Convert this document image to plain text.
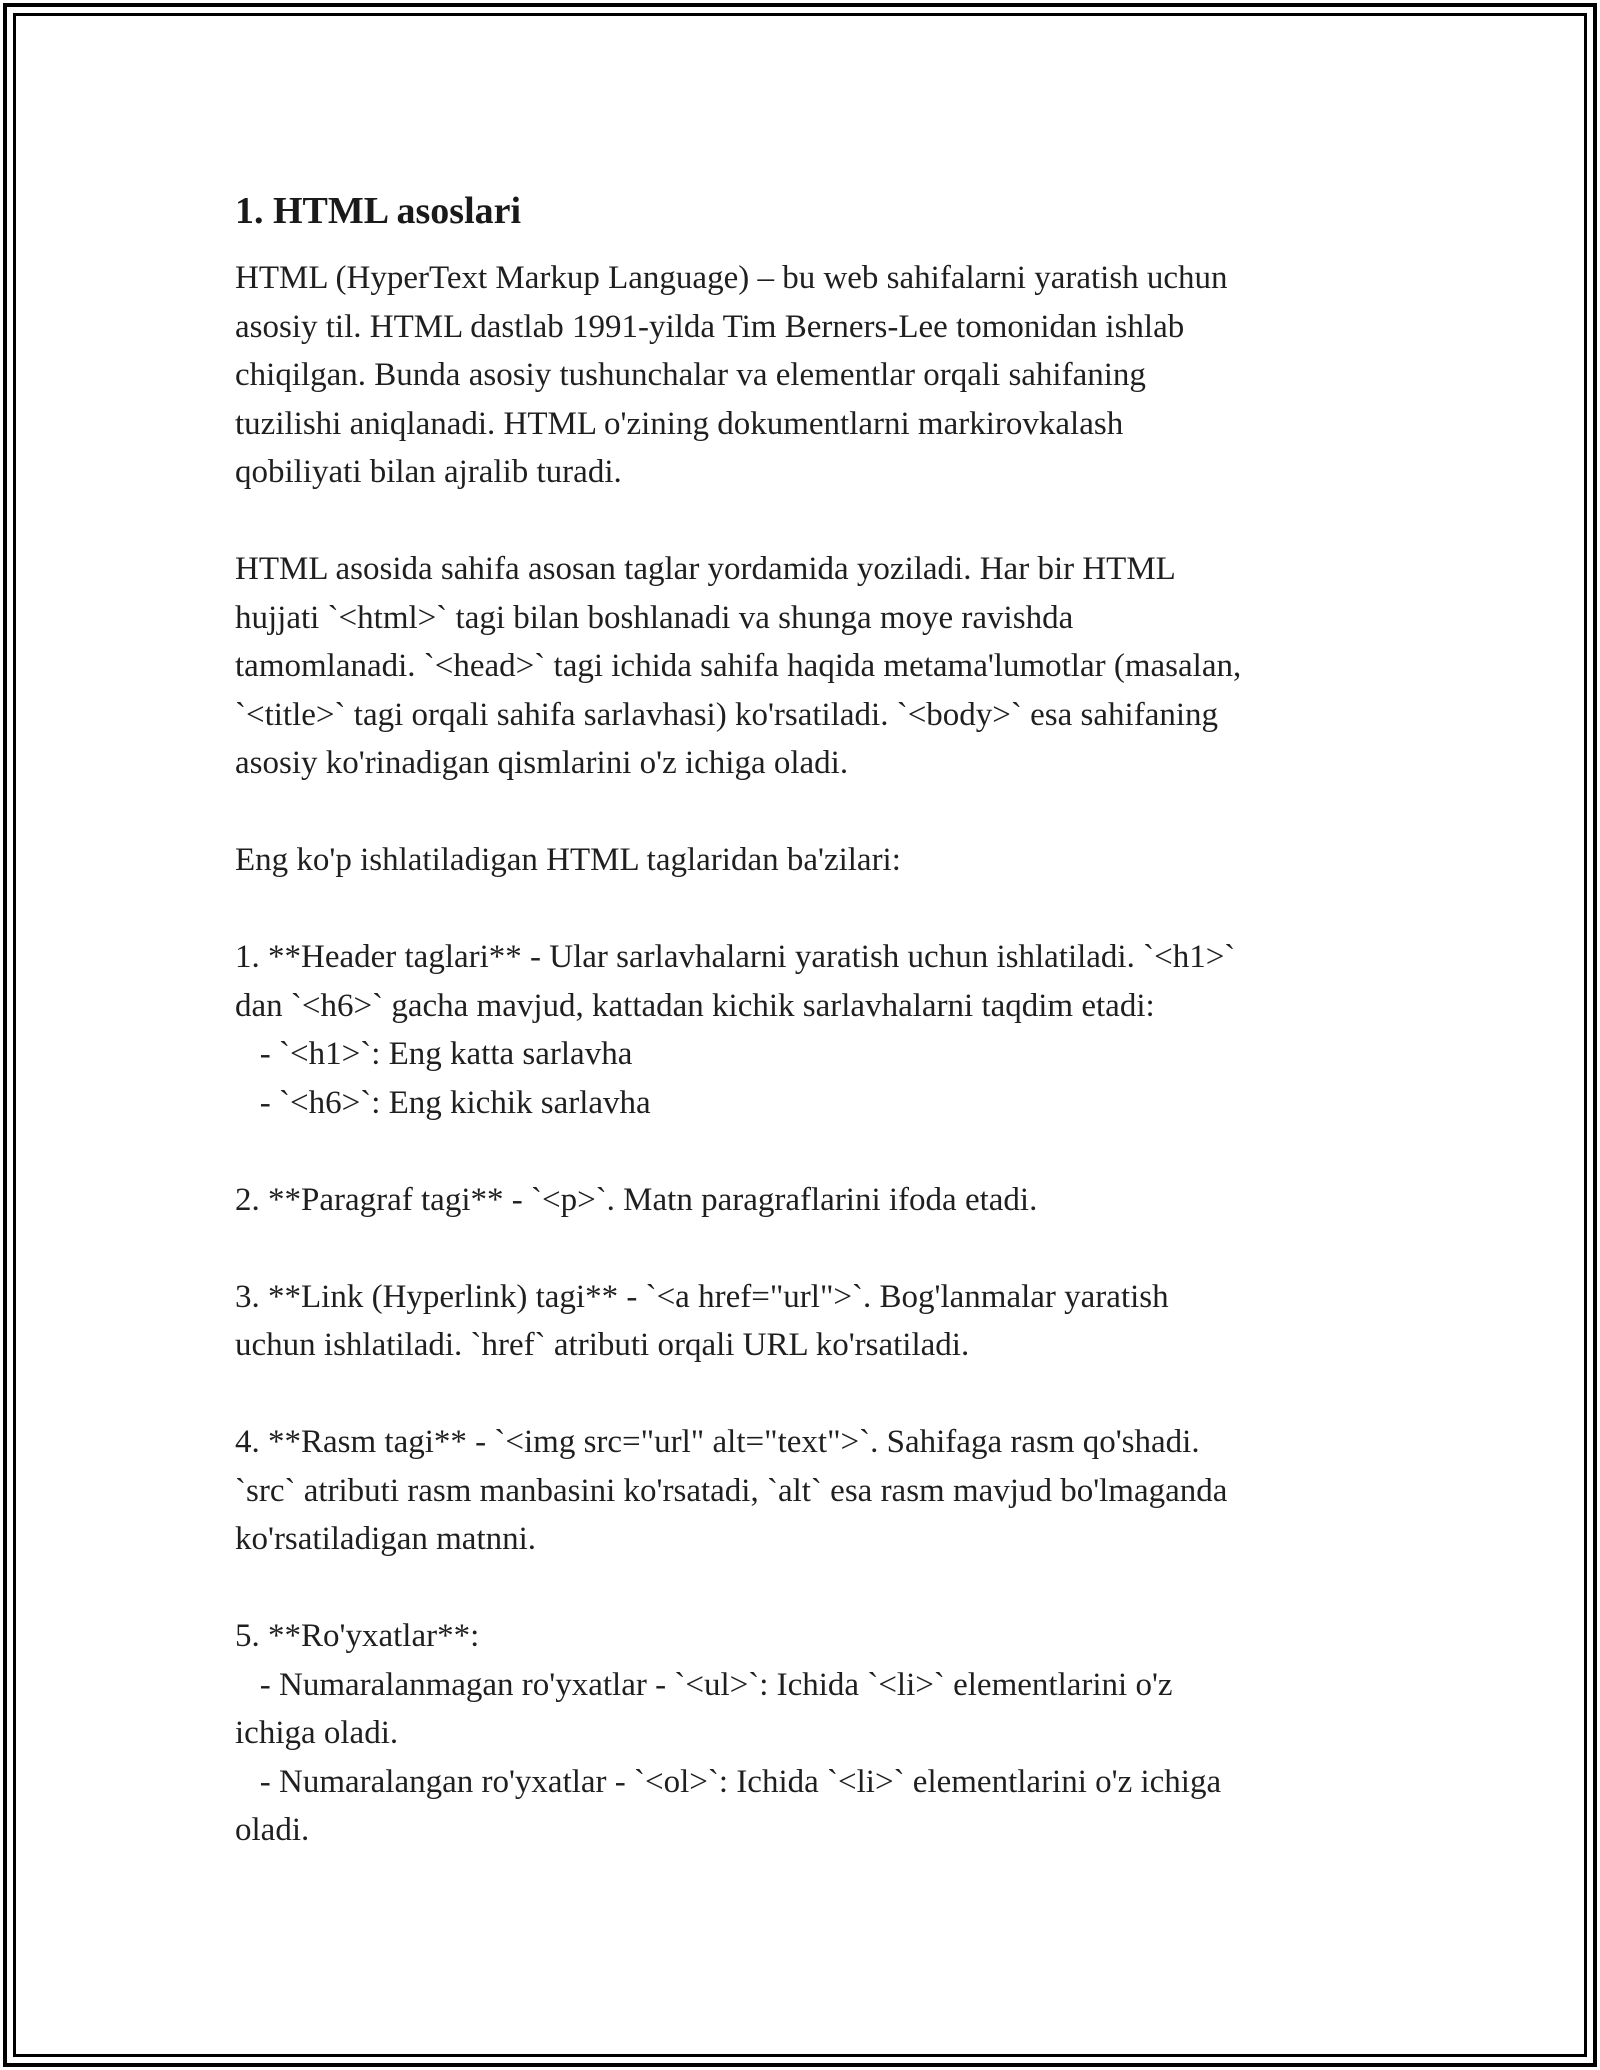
1. HTML asoslari
HTML (HyperText Markup Language) – bu web sahifalarni yaratish uchun
asosiy til. HTML dastlab 1991-yilda Tim Berners-Lee tomonidan ishlab
chiqilgan. Bunda asosiy tushunchalar va elementlar orqali sahifaning
tuzilishi aniqlanadi. HTML o'zining dokumentlarni markirovkalash
qobiliyati bilan ajralib turadi.
HTML asosida sahifa asosan taglar yordamida yoziladi. Har bir HTML
hujjati `<html>` tagi bilan boshlanadi va shunga moye ravishda
tamomlanadi. `<head>` tagi ichida sahifa haqida metama'lumotlar (masalan,
`<title>` tagi orqali sahifa sarlavhasi) ko'rsatiladi. `<body>` esa sahifaning
asosiy ko'rinadigan qismlarini o'z ichiga oladi.
Eng ko'p ishlatiladigan HTML taglaridan ba'zilari:
1. **Header taglari** - Ular sarlavhalarni yaratish uchun ishlatiladi. `<h1>`
dan `<h6>` gacha mavjud, kattadan kichik sarlavhalarni taqdim etadi:
- `<h1>`: Eng katta sarlavha
- `<h6>`: Eng kichik sarlavha
2. **Paragraf tagi** - `<p>`. Matn paragraflarini ifoda etadi.
3. **Link (Hyperlink) tagi** - `<a href="url">`. Bog'lanmalar yaratish
uchun ishlatiladi. `href` atributi orqali URL ko'rsatiladi.
4. **Rasm tagi** - `<img src="url" alt="text">`. Sahifaga rasm qo'shadi.
`src` atributi rasm manbasini ko'rsatadi, `alt` esa rasm mavjud bo'lmaganda
ko'rsatiladigan matnni.
5. **Ro'yxatlar**:
- Numaralanmagan ro'yxatlar - `<ul>`: Ichida `<li>` elementlarini o'z
ichiga oladi.
- Numaralangan ro'yxatlar - `<ol>`: Ichida `<li>` elementlarini o'z ichiga
oladi.
